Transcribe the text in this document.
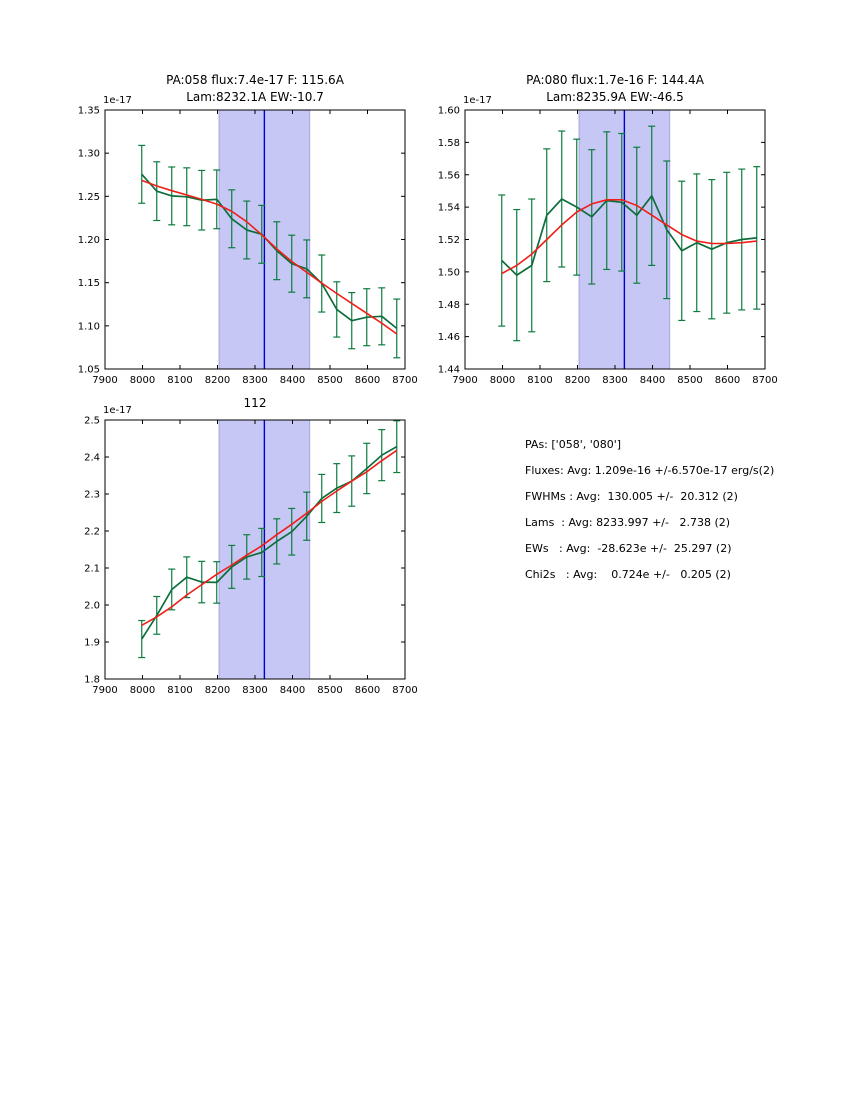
PA:058 flux:7.4e-17 F: 115.6A
Lam:8232.1A EW:-10.7
1e-17
7900 8000 8100 8200 8300 8400 8500 8600 8700
1.05
1.10
1.15
1.20
1.25
1.30
1.35
PA:080 flux:1.7e-16 F: 144.4A
Lam:8235.9A EW:-46.5
1e-17
7900 8000 8100 8200 8300 8400 8500 8600 8700
1.44
1.46
1.48
1.50
1.52
1.54
1.56
1.58
1.60
112
1e-17
7900 8000 8100 8200 8300 8400 8500 8600 8700
1.8
1.9
2.0
2.1
2.2
2.3
2.4
2.5
PAs: ['058', '080']
Fluxes: Avg: 1.209e-16 +/-6.570e-17 erg/s(2)
FWHMs : Avg:  130.005 +/-  20.312 (2)
Lams  : Avg: 8233.997 +/-   2.738 (2)
EWs   : Avg:  -28.623e +/-  25.297 (2)
Chi2s   : Avg:    0.724e +/-   0.205 (2)
